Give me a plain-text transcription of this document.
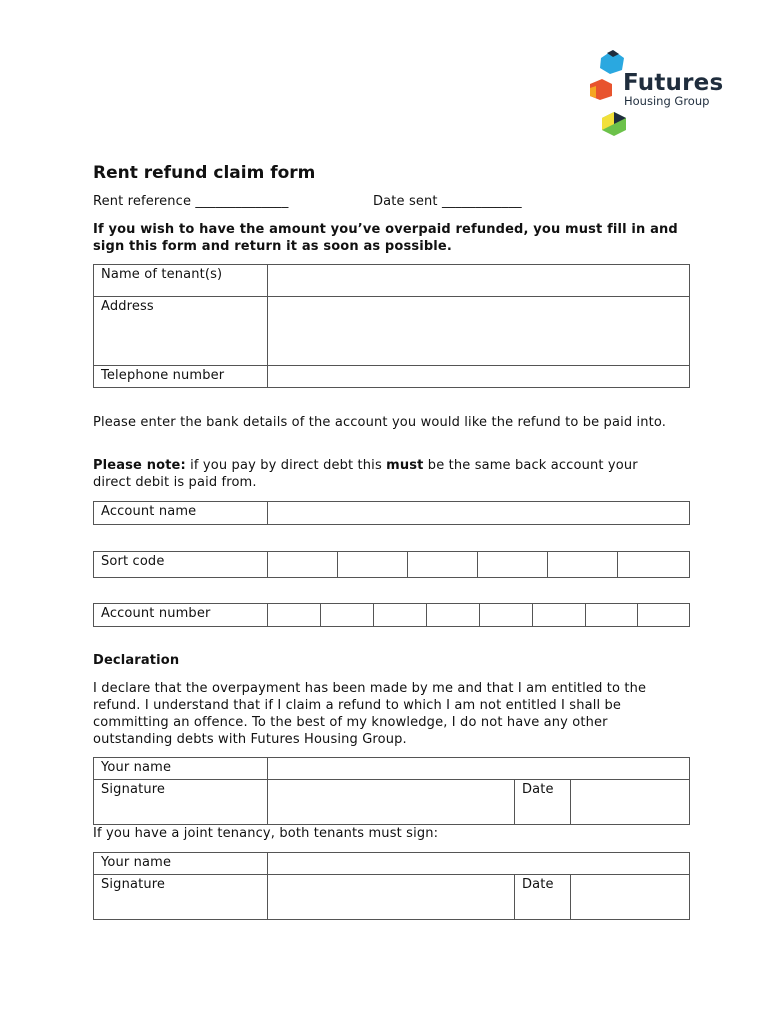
Futures
Housing Group
Rent refund claim form
Rent reference ______________	Date sent ____________
If you wish to have the amount you’ve overpaid refunded, you must fill in and sign this form and return it as soon as possible.
Name of tenant(s)	
Address	
Telephone number	
Please enter the bank details of the account you would like the refund to be paid into.
Please note: if you pay by direct debt this must be the same back account your direct debit is paid from.
Account name	
Sort code						
Account number								
Declaration
I declare that the overpayment has been made by me and that I am entitled to the refund. I understand that if I claim a refund to which I am not entitled I shall be committing an offence. To the best of my knowledge, I do not have any other outstanding debts with Futures Housing Group.
Your name			
Signature		Date	
If you have a joint tenancy, both tenants must sign:
Your name			
Signature		Date	
